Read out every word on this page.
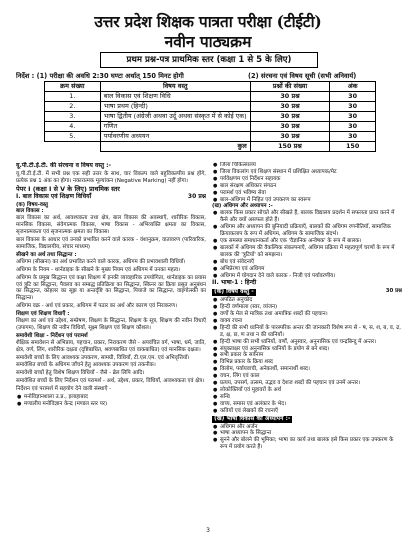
उत्तर प्रदेश शिक्षक पात्रता परीक्षा (टीईटी)
नवीन पाठ्यक्रम
प्रथम प्रश्न-पत्र प्राथमिक स्तर (कक्षा 1 से 5 के लिए)
निर्देश : (1) परीक्षा की अवधि 2:30 घण्टा अर्थात् 150 मिनट होगी	(2) संरचना एवं विषय सूची (सभी अनिवार्य)
क्रम संख्या	विषय वस्तु	प्रश्नों की संख्या	अंक
1.	बाल विकास एवं शिक्षण विधि	30 प्रश्न	30
2.	भाषा प्रथम (हिन्दी)	30 प्रश्न	30
3.	भाषा द्वितीय (अंग्रेजी अथवा उर्दू अथवा संस्कृत में से कोई एक)	30 प्रश्न	30
4.	गणित	30 प्रश्न	30
5.	पर्यावरणीय अध्ययन	30 प्रश्न	30
	कुल	150 प्रश्न	150
यू.पी.टी.ई.टी. की संरचना व विषय वस्तु :-

यू.पी.टी.ई.टी. में सभी प्रश्न एक सही उत्तर के साथ, चार विकल्प वाले बहुविकल्पीय प्रश्न होंगे, प्रत्येक प्रश्न 1 अंक का होगा। नकारात्मक मूल्यांकन (Negative Marking) नहीं होगा।

पेपर I (कक्षा I से V के लिए) प्राथमिक स्तर
I. बाल विकास एवं शिक्षण विधियाँ	30 प्रश्न
(क) विषय-वस्तु
बाल विकास :

बाल विकास का अर्थ, आवश्यकता तथा क्षेत्र, बाल विकास की अवस्थाएँ, शारीरिक विकास, मानसिक विकास, संवेगात्मक विकास, भाषा विकास - अभिव्यक्ति क्षमता का विकास, सृजनात्मकता एवं सृजनात्मक क्षमता का विकास।

बाल विकास के आधार एवं उनको प्रभावित करने वाले कारक - वंशानुक्रम, वातावरण (पारिवारिक, सामाजिक, विद्यालयीय, संचार माध्यम)

सीखने का अर्थ तथा सिद्धान्त :

अधिगम (सीखना) का अर्थ प्रभावित करने वाले कारक, अधिगम की प्रभावशाली विधियाँ।

अधिगम के नियम - थार्नडाइक के सीखने के मुख्य नियम एवं अधिगम में उनका महत्व।

अधिगम के प्रमुख सिद्धान्त एवं कक्षा शिक्षण में इनकी व्यावहारिक उपयोगिता, थार्नडाइक का प्रयास एवं त्रुटि का सिद्धान्त, पैवलव का सम्बद्ध प्रतिक्रिया का सिद्धान्त, स्किनर का क्रिया प्रसूत अनुबंधन का सिद्धान्त, कोहलर का सूझ या अन्तर्दृष्टि का सिद्धान्त, पियाजे का सिद्धान्त, वाइगोत्स्की का सिद्धान्त।

अधिगम वक्र - अर्थ एवं प्रकार, अधिगम में पठार का अर्थ और कारण एवं निराकरण।

शिक्षण एवं शिक्षण विधाएँ :

शिक्षण का अर्थ एवं उद्देश्य, सम्प्रेषण, शिक्षण के सिद्धान्त, शिक्षण के सूत्र, शिक्षण की नवीन विधाएँ (उपागम), शिक्षण की नवीन विधियाँ, सूक्ष्म शिक्षण एवं शिक्षण कौशल।

समावेशी शिक्षा - निर्देशन एवं परामर्श

शैक्षिक समावेशन से अभिप्राय, पहचान, प्रकार, निराकरण जैसे - अपवंचित वर्ग, भाषा, धर्म, जाति, क्षेत्र, वर्ण, लिंग, शारीरिक दक्षता (दृष्टिबाधित, श्रवणबाधित एवं वाकबाधित) एवं मानसिक दक्षता।

समावेशी बच्चों के लिए आवश्यक उपकरण, सामग्री, विधियाँ, टी.एल.एम. एवं अभिवृत्तियाँ।

समावेशित बच्चों के अधिगम जाँचने हेतु आवश्यक उपकरण एवं तकनीक।

समावेशी बच्चों हेतु विशेष शिक्षण विधियाँ - जैसे - ब्रेल लिपि आदि।

समावेशित बच्चों के लिए निर्देशन एवं परामर्श - अर्थ, उद्देश्य, प्रकार, विधियाँ, आवश्यकता एवं क्षेत्र।

निर्देशन एवं परामर्श में सहयोग देने वाली संस्थाएँ -

● मनोविज्ञानशाला उ.प्र., इलाहाबाद
● मण्डलीय मनोविज्ञान केन्द्र (मण्डल स्तर पर)
● जिला चिकित्सालय
● जिला विकलांग एवं शिक्षण संस्थान में प्रशिक्षित अध्यापक/मेट
● पर्यवेक्षणम एवं निर्देशन सहायक
● बाल संरक्षण अधिकार संगठन
● परामर्श एवं भविष्य सेवा
● बाल-अधिगम में निहित एवं उपकरण का स्वरूप
(ख) अधिगम और अध्यापन :-
● बालक किस प्रकार सोचते और सीखते हैं, बालक विद्यालय प्रदर्शन में सफलता प्राप्त करने में कैसे और क्यों असफल होते हैं।
● अधिगम और अध्यापन की बुनियादी प्रक्रियाएँ, बालकों की अधिगम रणनीतियाँ, सामाजिक क्रियाकलाप के रूप में अधिगम, अधिगम के सामाजिक संदर्भ।
● एक समस्या समाधानकर्ता और एक 'वैज्ञानिक अन्वेषक' के रूप में बालक।
● बालकों में अधिगम की वैकल्पिक संकल्पनाएँ, अधिगम प्रक्रिया में महत्वपूर्ण चरणों के रूप में बालक की 'त्रुटियों' को समझना।
● बोध एवं संवेदनाएँ
● अभिप्रेरणा एवं अधिगम
● अधिगम में योगदान देने वाले कारक - निजी एवं पर्यावरणीय।
II. भाषा-1 : हिन्दी
(क) विषय वस्तु -	30 प्रश्न
● अपठित अनुच्छेद
● हिन्दी वर्णमाला (स्वर, व्यंजन)
● वर्णों के मेल से मात्रिक तथा अमात्रिक शब्दों की पहचान।
● वाक्य रचना
● हिन्दी की सभी ध्वनियों के पारस्परिक अन्तर की जानकारी विशेष रूप से - ष, स, श, ब, व, ढ, ड, क्ष, छ, ण तथा न की ध्वनियाँ।
● हिन्दी भाषा की सभी ध्वनियों, वर्णों, अनुस्वार, अनुनासिक एवं चन्द्रबिन्दु में अन्तर।
● संयुक्ताक्षर एवं अनुनासिक ध्वनियों के प्रयोग से बने शब्द।
● सभी प्रकार के सर्वनाम
● विभिन्न प्रकार के क्रिया शब्द
● विलोम, पर्यायवाची, अनेकार्थी, समानार्थी शब्द।
● वचन, लिंग एवं काल
● प्रत्यय, उपसर्ग, तत्सम, तद्भव व देशज शब्दों की पहचान एवं उनमें अन्तर।
● लोकोक्तियाँ एवं मुहावरों के अर्थ
● सन्धि
● वाच्य, समास एवं अलंकार के भेद।
● कवियों एवं लेखकों की रचनाएँ
(ख) भाषा विकास का अध्यापन :-
● अधिगम और अर्जन
● भाषा अध्यापन के सिद्धान्त
● सुनने और बोलने की भूमिका; भाषा का कार्य तथा बालक इसे किस प्रकार एक उपकरण के रूप में प्रयोग करते हैं।
3
